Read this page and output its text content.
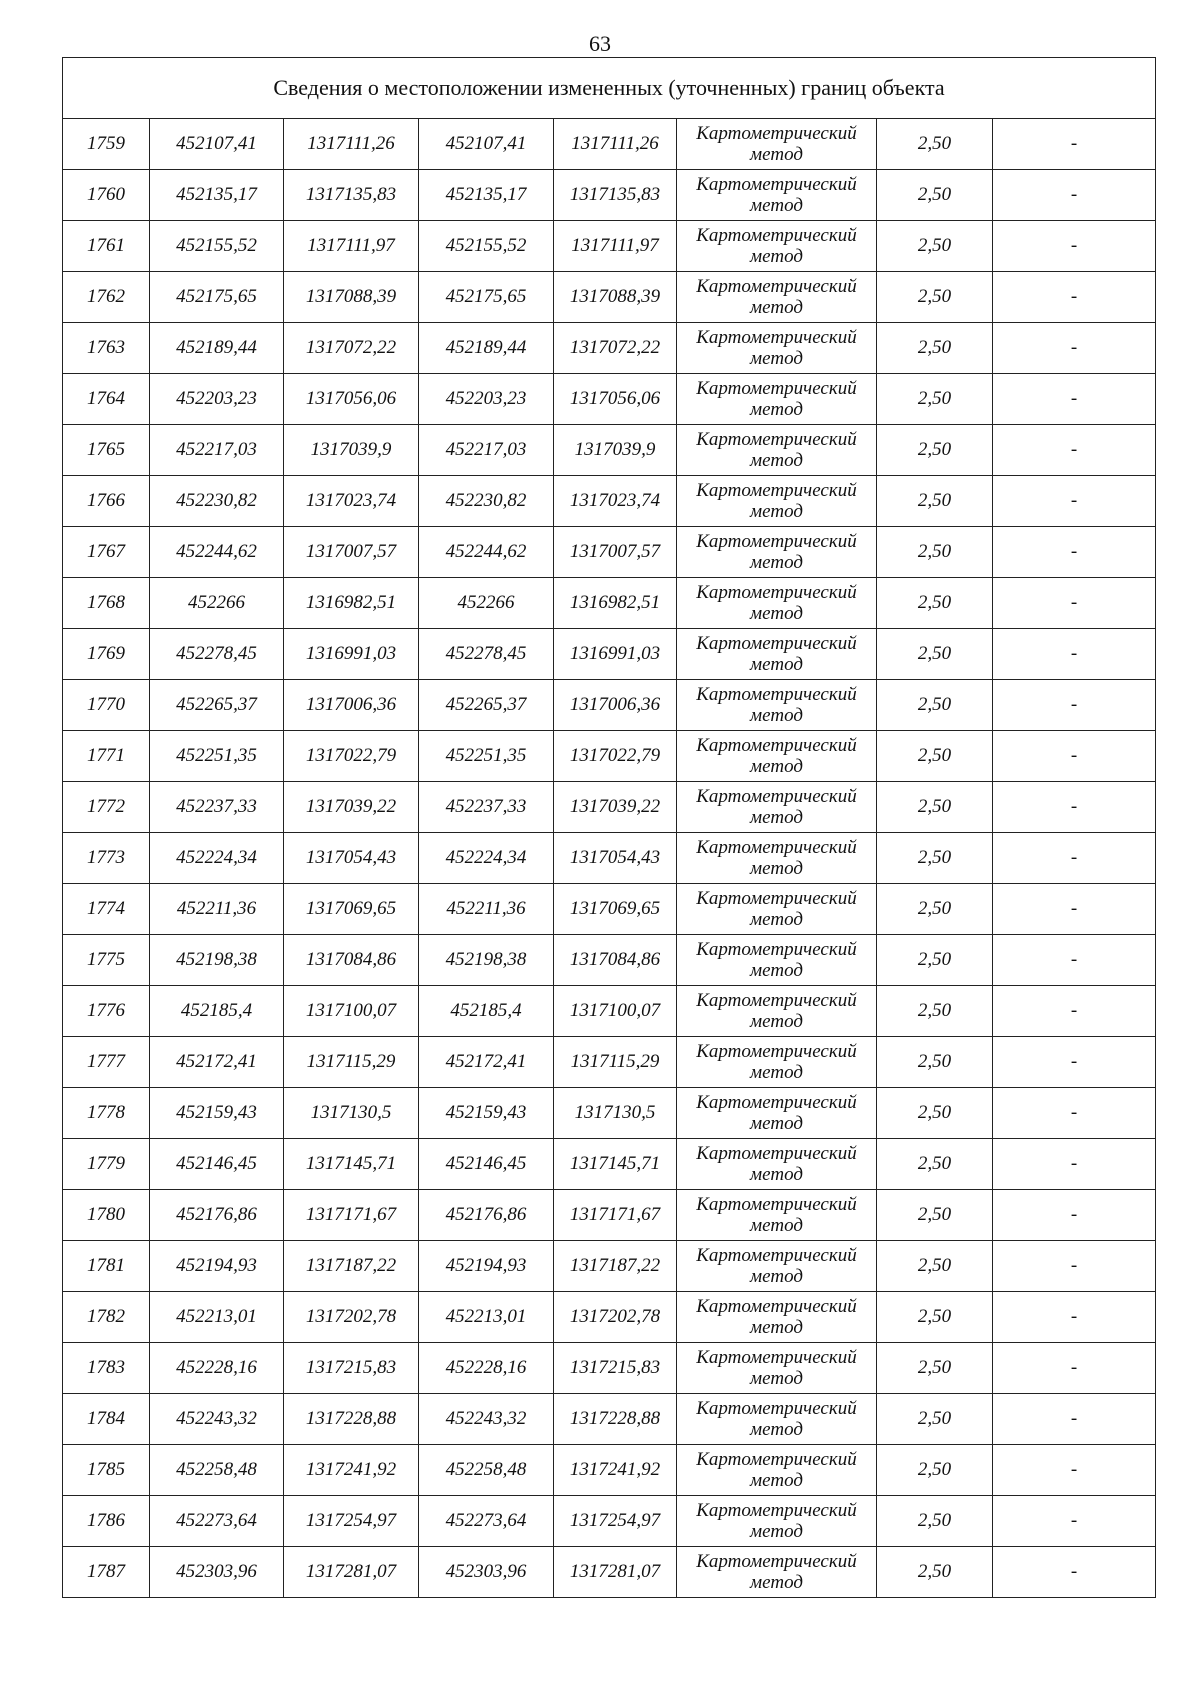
63
Сведения о местоположении измененных (уточненных) границ объекта							
1759	452107,41	1317111,26	452107,41	1317111,26	Картометрический
метод	2,50	-
1760	452135,17	1317135,83	452135,17	1317135,83	Картометрический
метод	2,50	-
1761	452155,52	1317111,97	452155,52	1317111,97	Картометрический
метод	2,50	-
1762	452175,65	1317088,39	452175,65	1317088,39	Картометрический
метод	2,50	-
1763	452189,44	1317072,22	452189,44	1317072,22	Картометрический
метод	2,50	-
1764	452203,23	1317056,06	452203,23	1317056,06	Картометрический
метод	2,50	-
1765	452217,03	1317039,9	452217,03	1317039,9	Картометрический
метод	2,50	-
1766	452230,82	1317023,74	452230,82	1317023,74	Картометрический
метод	2,50	-
1767	452244,62	1317007,57	452244,62	1317007,57	Картометрический
метод	2,50	-
1768	452266	1316982,51	452266	1316982,51	Картометрический
метод	2,50	-
1769	452278,45	1316991,03	452278,45	1316991,03	Картометрический
метод	2,50	-
1770	452265,37	1317006,36	452265,37	1317006,36	Картометрический
метод	2,50	-
1771	452251,35	1317022,79	452251,35	1317022,79	Картометрический
метод	2,50	-
1772	452237,33	1317039,22	452237,33	1317039,22	Картометрический
метод	2,50	-
1773	452224,34	1317054,43	452224,34	1317054,43	Картометрический
метод	2,50	-
1774	452211,36	1317069,65	452211,36	1317069,65	Картометрический
метод	2,50	-
1775	452198,38	1317084,86	452198,38	1317084,86	Картометрический
метод	2,50	-
1776	452185,4	1317100,07	452185,4	1317100,07	Картометрический
метод	2,50	-
1777	452172,41	1317115,29	452172,41	1317115,29	Картометрический
метод	2,50	-
1778	452159,43	1317130,5	452159,43	1317130,5	Картометрический
метод	2,50	-
1779	452146,45	1317145,71	452146,45	1317145,71	Картометрический
метод	2,50	-
1780	452176,86	1317171,67	452176,86	1317171,67	Картометрический
метод	2,50	-
1781	452194,93	1317187,22	452194,93	1317187,22	Картометрический
метод	2,50	-
1782	452213,01	1317202,78	452213,01	1317202,78	Картометрический
метод	2,50	-
1783	452228,16	1317215,83	452228,16	1317215,83	Картометрический
метод	2,50	-
1784	452243,32	1317228,88	452243,32	1317228,88	Картометрический
метод	2,50	-
1785	452258,48	1317241,92	452258,48	1317241,92	Картометрический
метод	2,50	-
1786	452273,64	1317254,97	452273,64	1317254,97	Картометрический
метод	2,50	-
1787	452303,96	1317281,07	452303,96	1317281,07	Картометрический
метод	2,50	-
